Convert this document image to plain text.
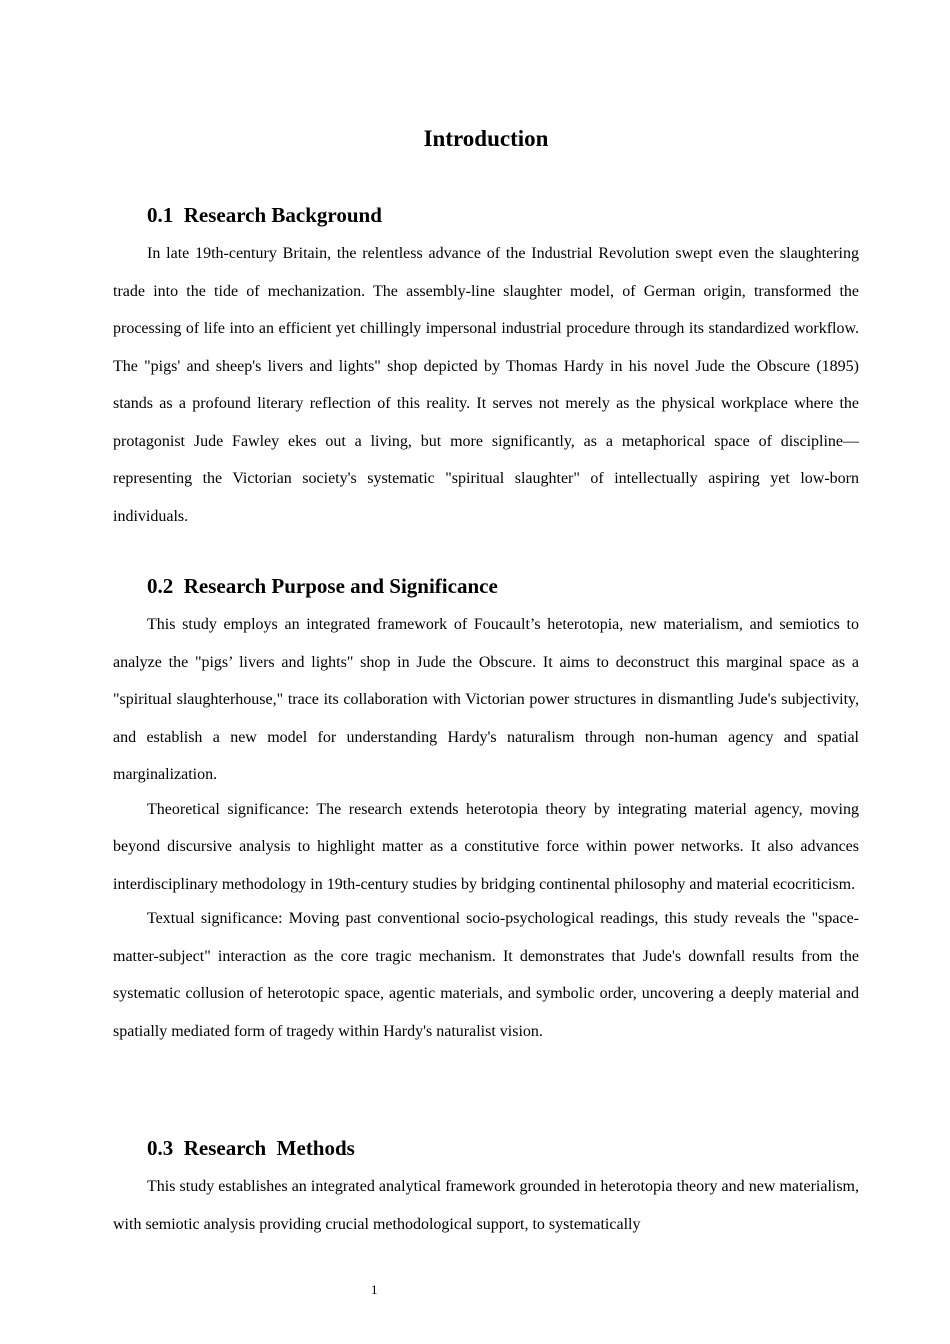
Introduction
0.1  Research Background

In late 19th-century Britain, the relentless advance of the Industrial Revolution swept even the slaughtering trade into the tide of mechanization. The assembly-line slaughter model, of German origin, transformed the processing of life into an efficient yet chillingly impersonal industrial procedure through its standardized workflow. The "pigs' and sheep's livers and lights" shop depicted by Thomas Hardy in his novel Jude the Obscure (1895) stands as a profound literary reflection of this reality. It serves not merely as the physical workplace where the protagonist Jude Fawley ekes out a living, but more significantly, as a metaphorical space of discipline—representing the Victorian society's systematic "spiritual slaughter" of intellectually aspiring yet low-born individuals.

0.2  Research Purpose and Significance

This study employs an integrated framework of Foucault’s heterotopia, new materialism, and semiotics to analyze the "pigs’ livers and lights" shop in Jude the Obscure. It aims to deconstruct this marginal space as a "spiritual slaughterhouse," trace its collaboration with Victorian power structures in dismantling Jude's subjectivity, and establish a new model for understanding Hardy's naturalism through non-human agency and spatial marginalization.

Theoretical significance: The research extends heterotopia theory by integrating material agency, moving beyond discursive analysis to highlight matter as a constitutive force within power networks. It also advances interdisciplinary methodology in 19th-century studies by bridging continental philosophy and material ecocriticism.

Textual significance: Moving past conventional socio-psychological readings, this study reveals the "space-matter-subject" interaction as the core tragic mechanism. It demonstrates that Jude's downfall results from the systematic collusion of heterotopic space, agentic materials, and symbolic order, uncovering a deeply material and spatially mediated form of tragedy within Hardy's naturalist vision.

0.3  Research  Methods

This study establishes an integrated analytical framework grounded in heterotopia theory and new materialism, with semiotic analysis providing crucial methodological support, to systematically

1
